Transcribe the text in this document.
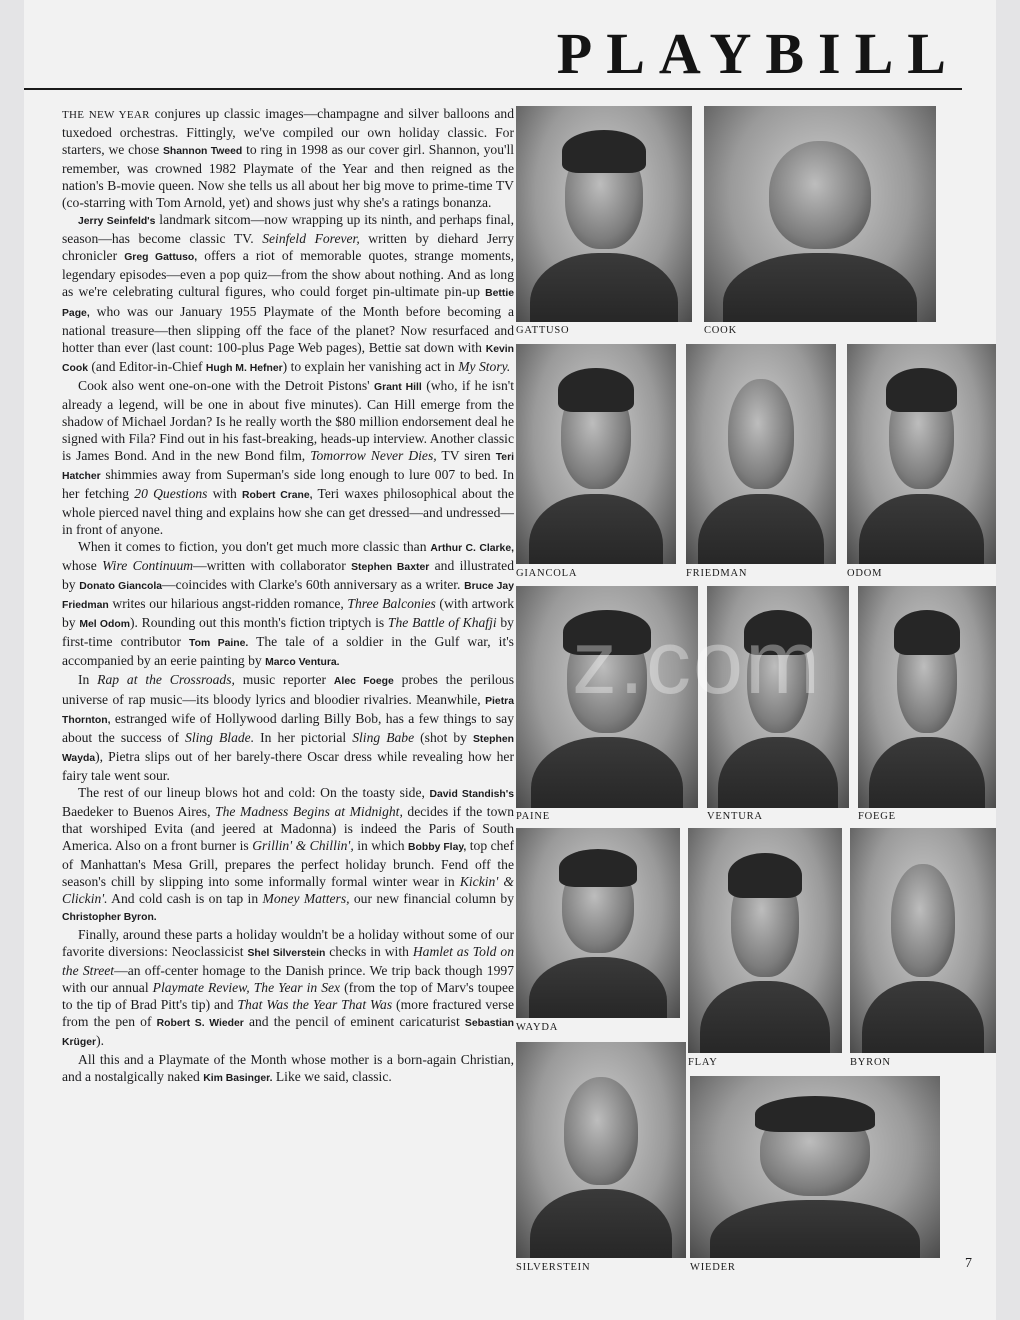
PLAYBILL

THE NEW YEAR conjures up classic images—champagne and silver balloons and tuxedoed orchestras. Fittingly, we've compiled our own holiday classic. For starters, we chose Shannon Tweed to ring in 1998 as our cover girl. Shannon, you'll remember, was crowned 1982 Playmate of the Year and then reigned as the nation's B-movie queen. Now she tells us all about her big move to prime-time TV (co-starring with Tom Arnold, yet) and shows just why she's a ratings bonanza.

Jerry Seinfeld's landmark sitcom—now wrapping up its ninth, and perhaps final, season—has become classic TV. Seinfeld Forever, written by diehard Jerry chronicler Greg Gattuso, offers a riot of memorable quotes, strange moments, legendary episodes—even a pop quiz—from the show about nothing. And as long as we're celebrating cultural figures, who could forget pin-ultimate pin-up Bettie Page, who was our January 1955 Playmate of the Month before becoming a national treasure—then slipping off the face of the planet? Now resurfaced and hotter than ever (last count: 100-plus Page Web pages), Bettie sat down with Kevin Cook (and Editor-in-Chief Hugh M. Hefner) to explain her vanishing act in My Story.

Cook also went one-on-one with the Detroit Pistons' Grant Hill (who, if he isn't already a legend, will be one in about five minutes). Can Hill emerge from the shadow of Michael Jordan? Is he really worth the $80 million endorsement deal he signed with Fila? Find out in his fast-breaking, heads-up interview. Another classic is James Bond. And in the new Bond film, Tomorrow Never Dies, TV siren Teri Hatcher shimmies away from Superman's side long enough to lure 007 to bed. In her fetching 20 Questions with Robert Crane, Teri waxes philosophical about the whole pierced navel thing and explains how she can get dressed—and undressed—in front of anyone.

When it comes to fiction, you don't get much more classic than Arthur C. Clarke, whose Wire Continuum—written with collaborator Stephen Baxter and illustrated by Donato Giancola—coincides with Clarke's 60th anniversary as a writer. Bruce Jay Friedman writes our hilarious angst-ridden romance, Three Balconies (with artwork by Mel Odom). Rounding out this month's fiction triptych is The Battle of Khafji by first-time contributor Tom Paine. The tale of a soldier in the Gulf war, it's accompanied by an eerie painting by Marco Ventura.

In Rap at the Crossroads, music reporter Alec Foege probes the perilous universe of rap music—its bloody lyrics and bloodier rivalries. Meanwhile, Pietra Thornton, estranged wife of Hollywood darling Billy Bob, has a few things to say about the success of Sling Blade. In her pictorial Sling Babe (shot by Stephen Wayda), Pietra slips out of her barely-there Oscar dress while revealing how her fairy tale went sour.

The rest of our lineup blows hot and cold: On the toasty side, David Standish's Baedeker to Buenos Aires, The Madness Begins at Midnight, decides if the town that worshiped Evita (and jeered at Madonna) is indeed the Paris of South America. Also on a front burner is Grillin' & Chillin', in which Bobby Flay, top chef of Manhattan's Mesa Grill, prepares the perfect holiday brunch. Fend off the season's chill by slipping into some informally formal winter wear in Kickin' & Clickin'. And cold cash is on tap in Money Matters, our new financial column by Christopher Byron.

Finally, around these parts a holiday wouldn't be a holiday without some of our favorite diversions: Neoclassicist Shel Silverstein checks in with Hamlet as Told on the Street—an off-center homage to the Danish prince. We trip back though 1997 with our annual Playmate Review, The Year in Sex (from the top of Marv's toupee to the tip of Brad Pitt's tip) and That Was the Year That Was (more fractured verse from the pen of Robert S. Wieder and the pencil of eminent caricaturist Sebastian Krüger).

All this and a Playmate of the Month whose mother is a born-again Christian, and a nostalgically naked Kim Basinger. Like we said, classic.

GATTUSO	COOK
GIANCOLA	FRIEDMAN	ODOM
PAINE	VENTURA	FOEGE
WAYDA
FLAY	BYRON
SILVERSTEIN	WIEDER
z.com
7
